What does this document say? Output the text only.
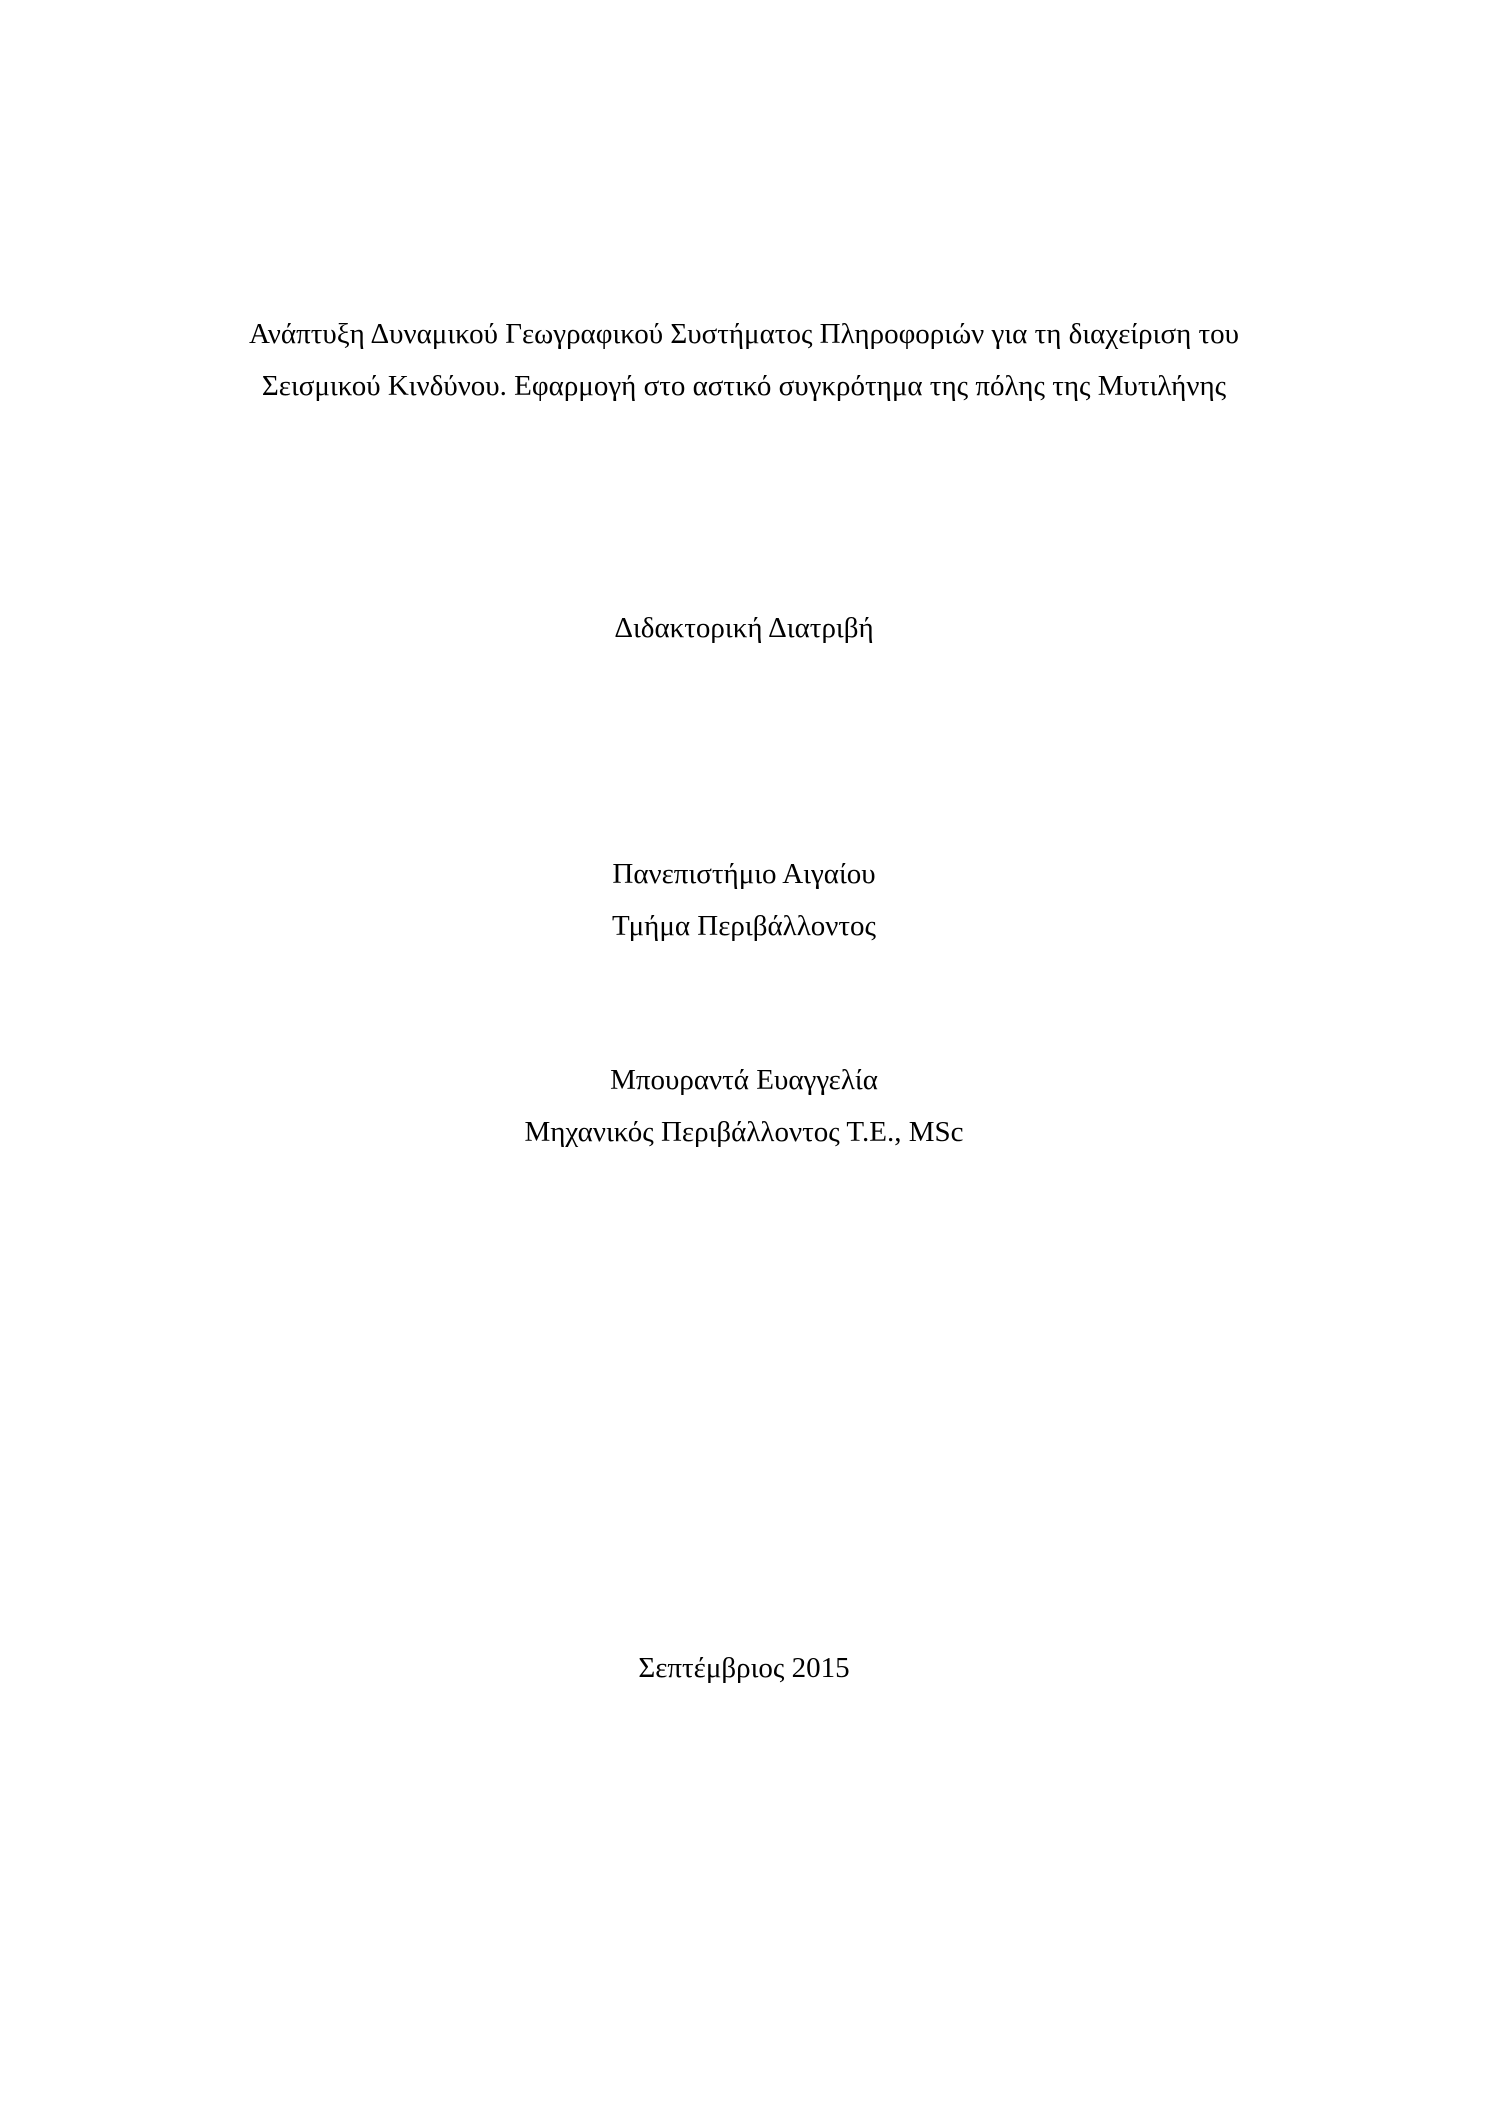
Ανάπτυξη Δυναμικού Γεωγραφικού Συστήματος Πληροφοριών για τη διαχείριση του
Σεισμικού Κινδύνου. Εφαρμογή στο αστικό συγκρότημα της πόλης της Μυτιλήνης
Διδακτορική Διατριβή
Πανεπιστήμιο Αιγαίου
Τμήμα Περιβάλλοντος
Μπουραντά Ευαγγελία
Μηχανικός Περιβάλλοντος Τ.Ε., MSc
Σεπτέμβριος 2015
